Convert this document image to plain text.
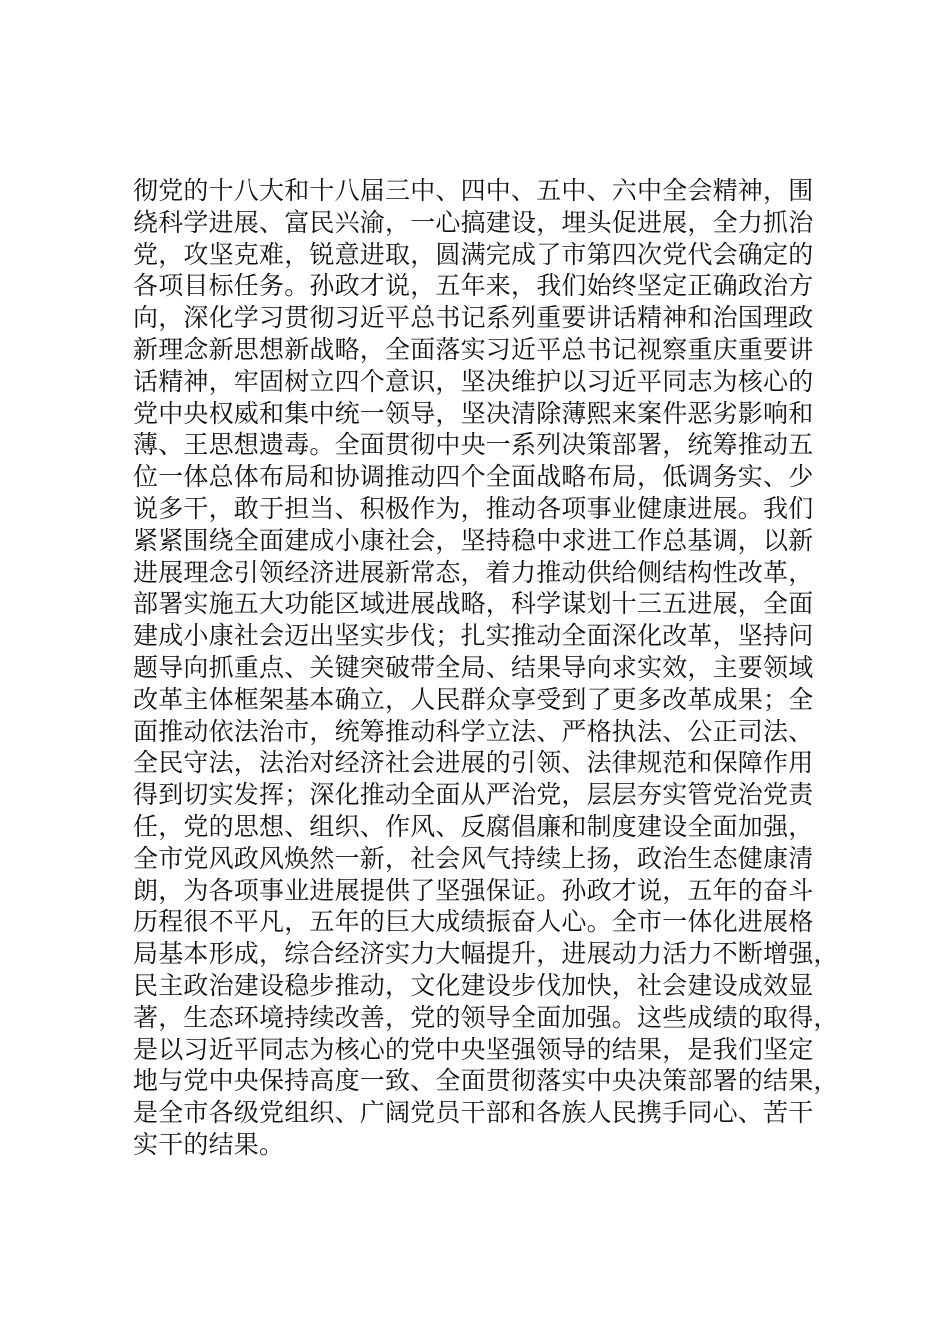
彻党的十八大和十八届三中、四中、五中、六中全会精神，围
绕科学进展、富民兴渝，一心搞建设，埋头促进展，全力抓治
党，攻坚克难，锐意进取，圆满完成了市第四次党代会确定的
各项目标任务。孙政才说，五年来，我们始终坚定正确政治方
向，深化学习贯彻习近平总书记系列重要讲话精神和治国理政
新理念新思想新战略，全面落实习近平总书记视察重庆重要讲
话精神，牢固树立四个意识，坚决维护以习近平同志为核心的
党中央权威和集中统一领导，坚决清除薄熙来案件恶劣影响和
薄、王思想遗毒。全面贯彻中央一系列决策部署，统筹推动五
位一体总体布局和协调推动四个全面战略布局，低调务实、少
说多干，敢于担当、积极作为，推动各项事业健康进展。我们
紧紧围绕全面建成小康社会，坚持稳中求进工作总基调，以新
进展理念引领经济进展新常态，着力推动供给侧结构性改革，
部署实施五大功能区域进展战略，科学谋划十三五进展，全面
建成小康社会迈出坚实步伐；扎实推动全面深化改革，坚持问
题导向抓重点、关键突破带全局、结果导向求实效，主要领域
改革主体框架基本确立，人民群众享受到了更多改革成果；全
面推动依法治市，统筹推动科学立法、严格执法、公正司法、
全民守法，法治对经济社会进展的引领、法律规范和保障作用
得到切实发挥；深化推动全面从严治党，层层夯实管党治党责
任，党的思想、组织、作风、反腐倡廉和制度建设全面加强，
全市党风政风焕然一新，社会风气持续上扬，政治生态健康清
朗，为各项事业进展提供了坚强保证。孙政才说，五年的奋斗
历程很不平凡，五年的巨大成绩振奋人心。全市一体化进展格
局基本形成，综合经济实力大幅提升，进展动力活力不断增强，
民主政治建设稳步推动，文化建设步伐加快，社会建设成效显
著，生态环境持续改善，党的领导全面加强。这些成绩的取得，
是以习近平同志为核心的党中央坚强领导的结果，是我们坚定
地与党中央保持高度一致、全面贯彻落实中央决策部署的结果，
是全市各级党组织、广阔党员干部和各族人民携手同心、苦干
实干的结果。
